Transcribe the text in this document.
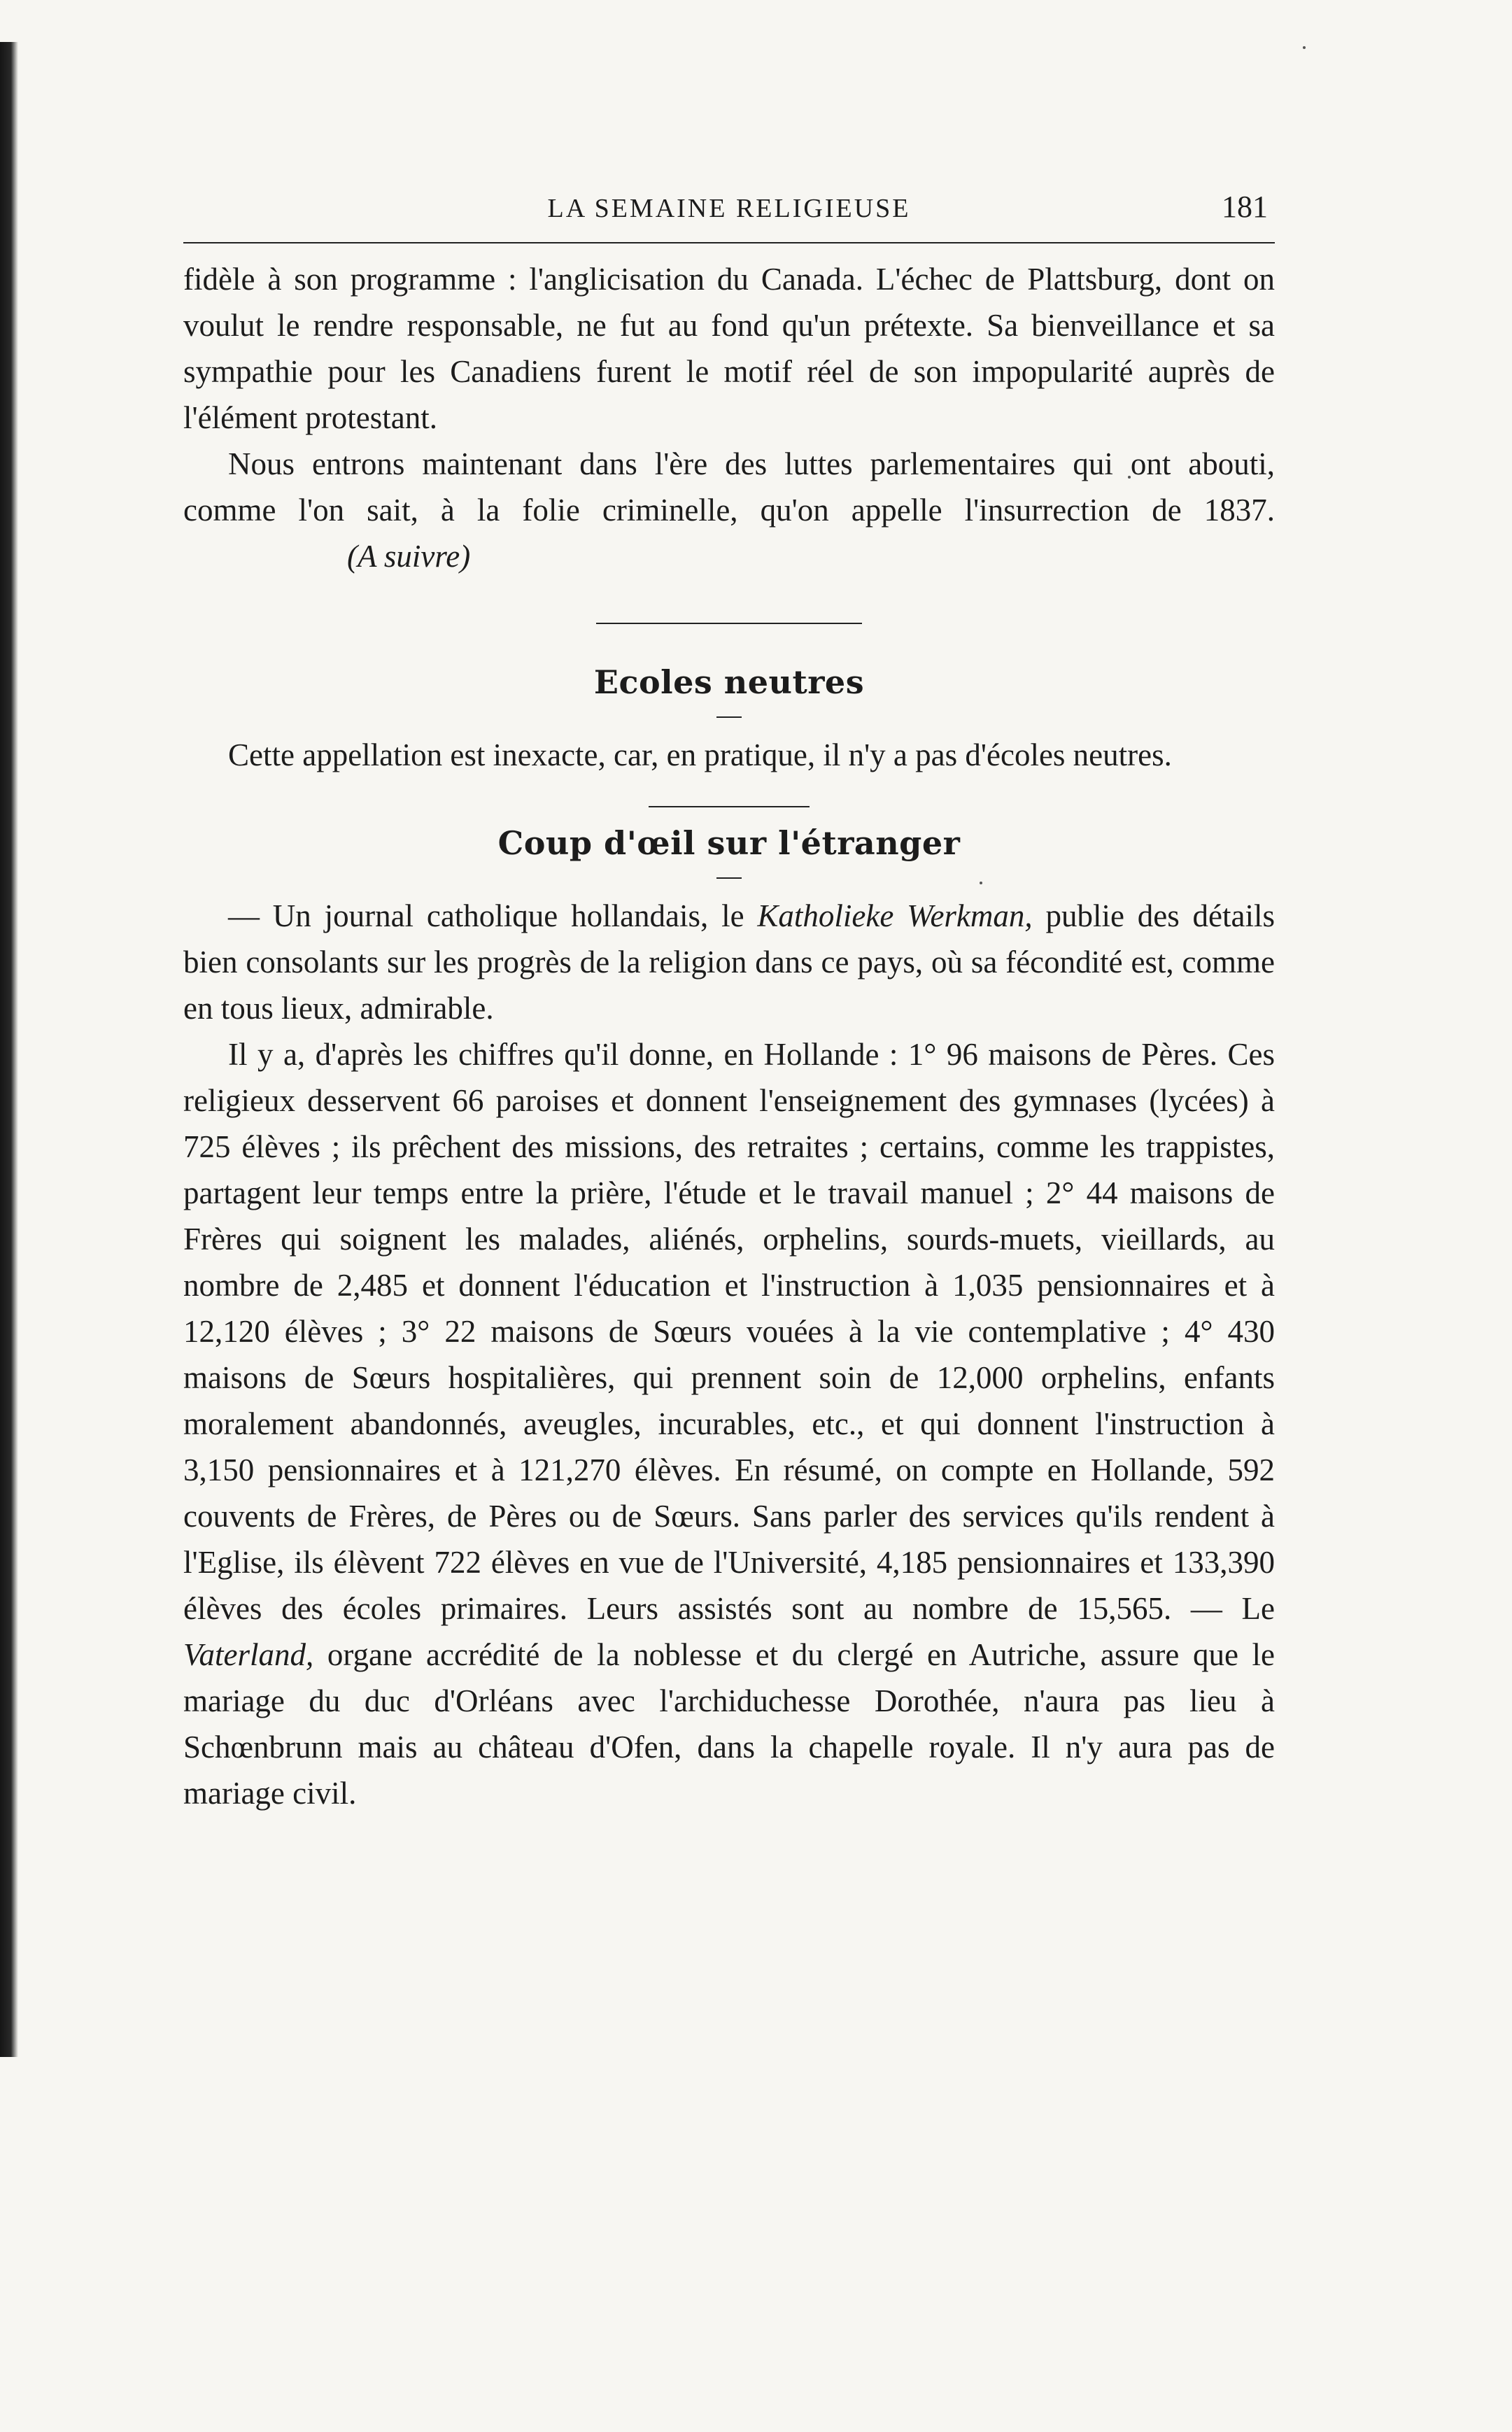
LA SEMAINE RELIGIEUSE	181

fidèle à son programme : l'anglicisation du Canada. L'échec de Plattsburg, dont on voulut le rendre responsable, ne fut au fond qu'un prétexte. Sa bienveillance et sa sympathie pour les Canadiens furent le motif réel de son impopularité auprès de l'élément protestant.

Nous entrons maintenant dans l'ère des luttes parlementaires qui ont abouti, comme l'on sait, à la folie criminelle, qu'on appelle l'insurrection de 1837.(A suivre)

Ecoles neutres

Cette appellation est inexacte, car, en pratique, il n'y a pas d'écoles neutres.

Coup d'œil sur l'étranger

— Un journal catholique hollandais, le Katholieke Werkman, publie des détails bien consolants sur les progrès de la religion dans ce pays, où sa fécondité est, comme en tous lieux, admirable.

Il y a, d'après les chiffres qu'il donne, en Hollande : 1° 96 maisons de Pères. Ces religieux desservent 66 paroises et donnent l'enseignement des gymnases (lycées) à 725 élèves ; ils prêchent des missions, des retraites ; certains, comme les trappistes, partagent leur temps entre la prière, l'étude et le travail manuel ; 2° 44 maisons de Frères qui soignent les malades, aliénés, orphelins, sourds-muets, vieillards, au nombre de 2,485 et donnent l'éducation et l'instruction à 1,035 pensionnaires et à 12,120 élèves ; 3° 22 maisons de Sœurs vouées à la vie contemplative ; 4° 430 maisons de Sœurs hospitalières, qui prennent soin de 12,000 orphelins, enfants moralement abandonnés, aveugles, incurables, etc., et qui donnent l'instruction à 3,150 pensionnaires et à 121,270 élèves. En résumé, on compte en Hollande, 592 couvents de Frères, de Pères ou de Sœurs. Sans parler des services qu'ils rendent à l'Eglise, ils élèvent 722 élèves en vue de l'Université, 4,185 pensionnaires et 133,390 élèves des écoles primaires. Leurs assistés sont au nombre de 15,565. — Le Vaterland, organe accrédité de la noblesse et du clergé en Autriche, assure que le mariage du duc d'Orléans avec l'archiduchesse Dorothée, n'aura pas lieu à Schœnbrunn mais au château d'Ofen, dans la chapelle royale. Il n'y aura pas de mariage civil.
